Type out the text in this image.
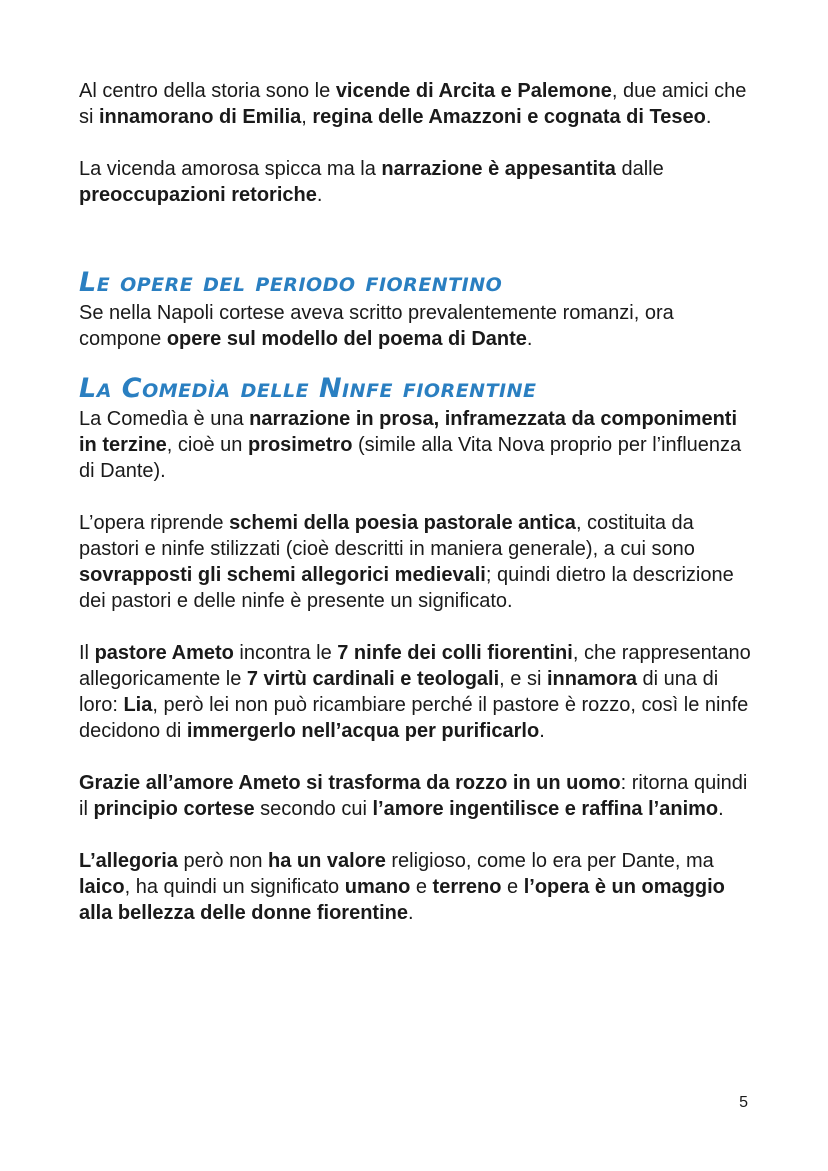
Al centro della storia sono le vicende di Arcita e Palemone, due amici che si innamorano di Emilia, regina delle Amazzoni e cognata di Teseo.

La vicenda amorosa spicca ma la narrazione è appesantita dalle preoccupazioni retoriche.

Le opere del periodo fiorentino

Se nella Napoli cortese aveva scritto prevalentemente romanzi, ora compone opere sul modello del poema di Dante.

La Comedìa delle Ninfe fiorentine

La Comedìa è una narrazione in prosa, inframezzata da componimenti in terzine, cioè un prosimetro (simile alla Vita Nova proprio per l’influenza di Dante).

L’opera riprende schemi della poesia pastorale antica, costituita da pastori e ninfe stilizzati (cioè descritti in maniera generale), a cui sono sovrapposti gli schemi allegorici medievali; quindi dietro la descrizione dei pastori e delle ninfe è presente un significato.

Il pastore Ameto incontra le 7 ninfe dei colli fiorentini, che rappresentano allegoricamente le 7 virtù cardinali e teologali, e si innamora di una di loro: Lia, però lei non può ricambiare perché il pastore è rozzo, così le ninfe decidono di immergerlo nell’acqua per purificarlo.

Grazie all’amore Ameto si trasforma da rozzo in un uomo: ritorna quindi il principio cortese secondo cui l’amore ingentilisce e raffina l’animo.

L’allegoria però non ha un valore religioso, come lo era per Dante, ma laico, ha quindi un significato umano e terreno e l’opera è un omaggio alla bellezza delle donne fiorentine.

5
